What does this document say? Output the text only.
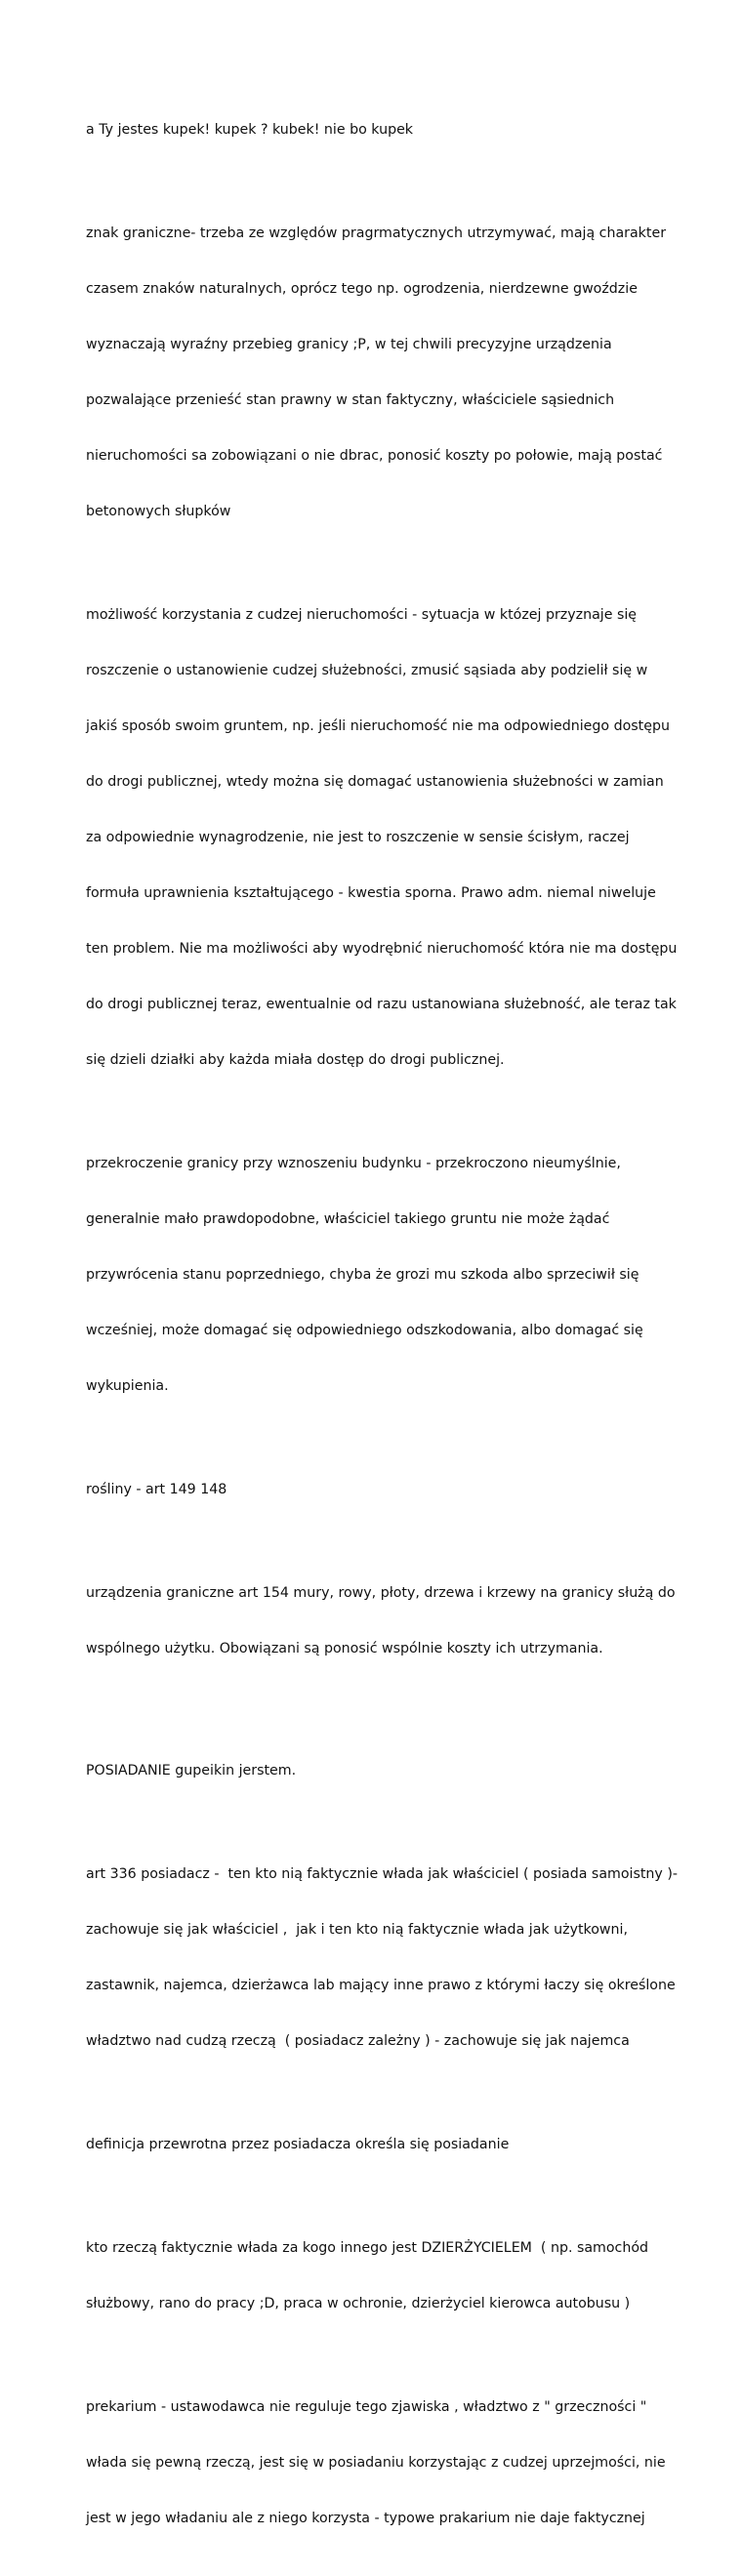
a Ty jestes kupek! kupek ? kubek! nie bo kupek

znak graniczne- trzeba ze względów pragrmatycznych utrzymywać, mają charakter

czasem znaków naturalnych, oprócz tego np. ogrodzenia, nierdzewne gwoździe

wyznaczają wyraźny przebieg granicy ;P, w tej chwili precyzyjne urządzenia

pozwalające przenieść stan prawny w stan faktyczny, właściciele sąsiednich

nieruchomości sa zobowiązani o nie dbrac, ponosić koszty po połowie, mają postać

betonowych słupków

możliwość korzystania z cudzej nieruchomości - sytuacja w któzej przyznaje się

roszczenie o ustanowienie cudzej służebności, zmusić sąsiada aby podzielił się w

jakiś sposób swoim gruntem, np. jeśli nieruchomość nie ma odpowiedniego dostępu

do drogi publicznej, wtedy można się domagać ustanowienia służebności w zamian

za odpowiednie wynagrodzenie, nie jest to roszczenie w sensie ścisłym, raczej

formuła uprawnienia kształtującego - kwestia sporna. Prawo adm. niemal niweluje

ten problem. Nie ma możliwości aby wyodrębnić nieruchomość która nie ma dostępu

do drogi publicznej teraz, ewentualnie od razu ustanowiana służebność, ale teraz tak

się dzieli działki aby każda miała dostęp do drogi publicznej.

przekroczenie granicy przy wznoszeniu budynku - przekroczono nieumyślnie,

generalnie mało prawdopodobne, właściciel takiego gruntu nie może żądać

przywrócenia stanu poprzedniego, chyba że grozi mu szkoda albo sprzeciwił się

wcześniej, może domagać się odpowiedniego odszkodowania, albo domagać się

wykupienia.

rośliny - art 149 148

urządzenia graniczne art 154 mury, rowy, płoty, drzewa i krzewy na granicy służą do

wspólnego użytku. Obowiązani są ponosić wspólnie koszty ich utrzymania.

POSIADANIE gupeikin jerstem.

art 336 posiadacz -  ten kto nią faktycznie włada jak właściciel ( posiada samoistny )-

zachowuje się jak właściciel ,  jak i ten kto nią faktycznie włada jak użytkowni,

zastawnik, najemca, dzierżawca lab mający inne prawo z którymi łaczy się określone

władztwo nad cudzą rzeczą  ( posiadacz zależny ) - zachowuje się jak najemca

definicja przewrotna przez posiadacza określa się posiadanie

kto rzeczą faktycznie włada za kogo innego jest DZIERŻYCIELEM  ( np. samochód

służbowy, rano do pracy ;D, praca w ochronie, dzierżyciel kierowca autobusu )

prekarium - ustawodawca nie reguluje tego zjawiska , władztwo z " grzeczności "

włada się pewną rzeczą, jest się w posiadaniu korzystając z cudzej uprzejmości, nie

jest w jego władaniu ale z niego korzysta - typowe prakarium nie daje faktycznej
